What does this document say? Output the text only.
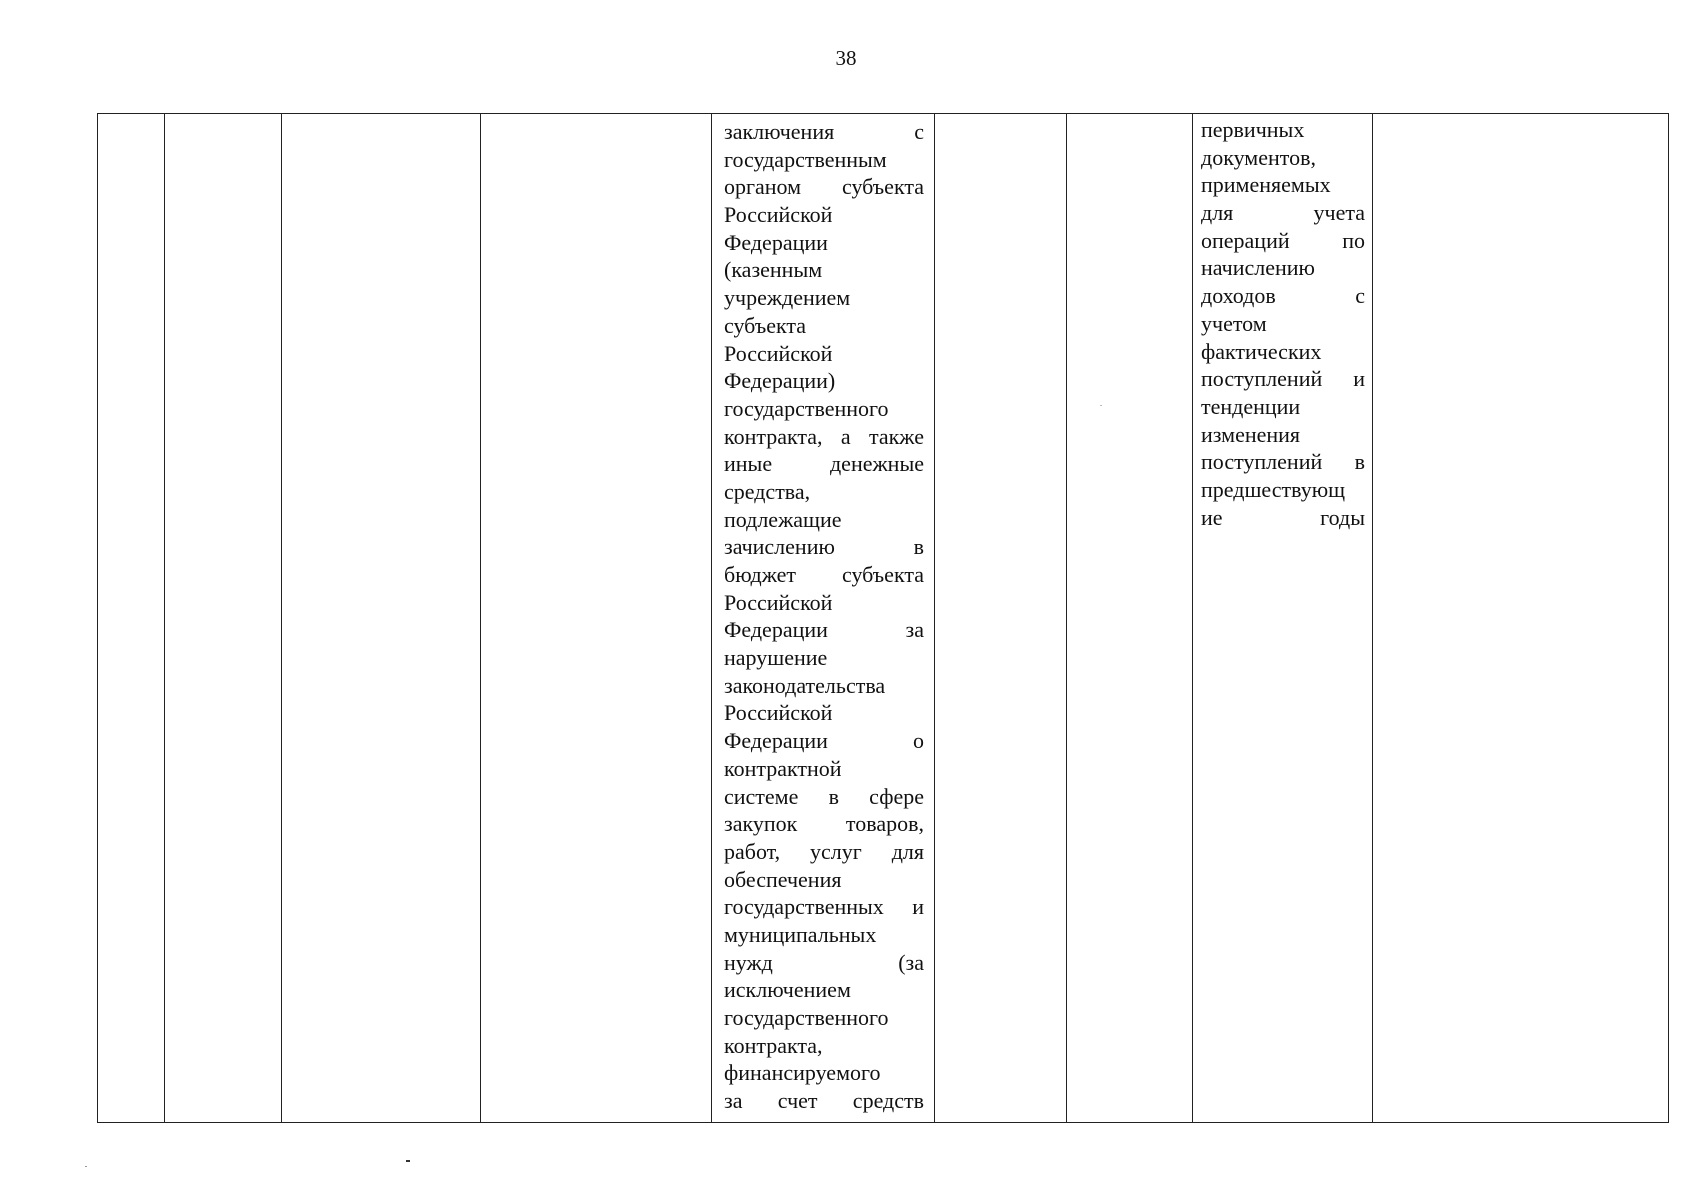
38
заключения с
государственным
органом субъекта
Российской
Федерации
(казенным
учреждением
субъекта
Российской
Федерации)
государственного
контракта, а также
иные денежные
средства,
подлежащие
зачислению в
бюджет субъекта
Российской
Федерации за
нарушение
законодательства
Российской
Федерации о
контрактной
системе в сфере
закупок товаров,
работ, услуг для
обеспечения
государственных и
муниципальных
нужд (за
исключением
государственного
контракта,
финансируемого
за счет средств
первичных
документов,
применяемых
для учета
операций по
начислению
доходов с
учетом
фактических
поступлений и
тенденции
изменения
поступлений в
предшествующ
ие годы
